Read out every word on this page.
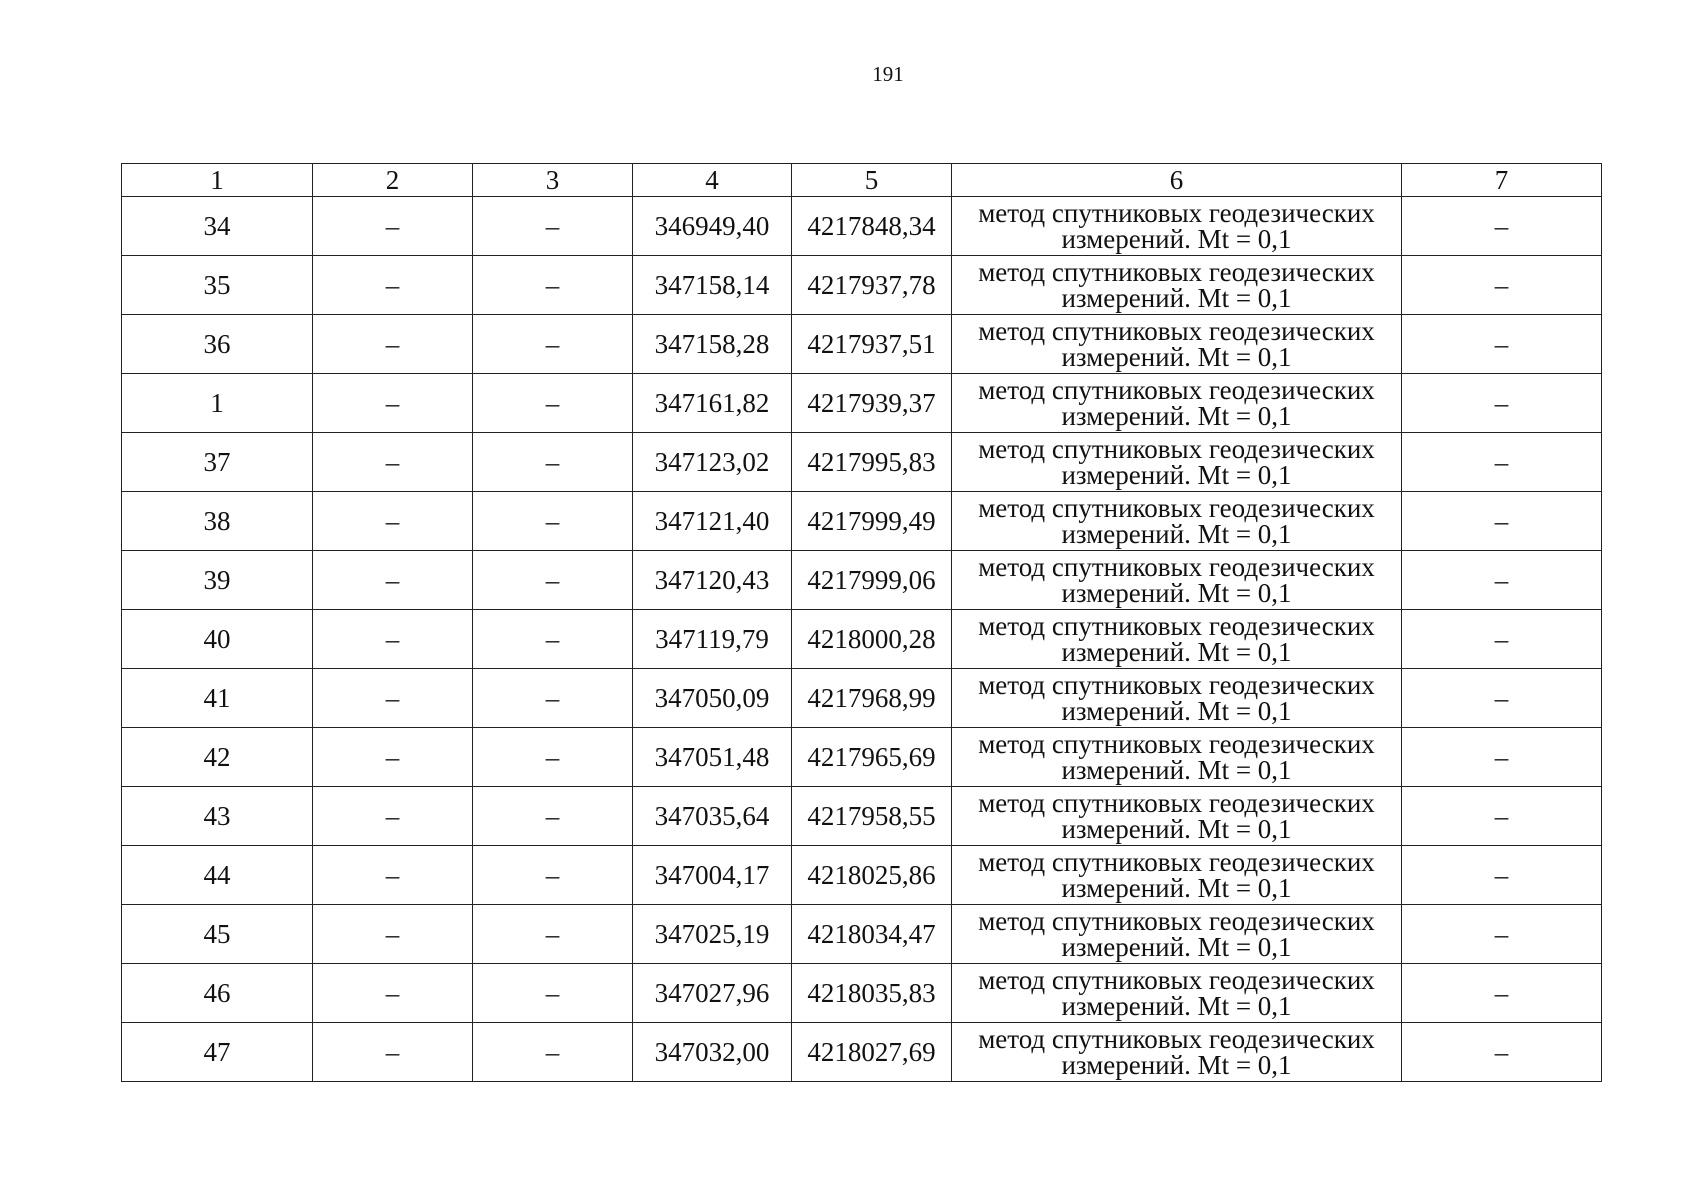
191
1	2	3	4	5	6	7
34	–	–	346949,40	4217848,34	метод спутниковых геодезических
измерений. Mt = 0,1	–
35	–	–	347158,14	4217937,78	метод спутниковых геодезических
измерений. Mt = 0,1	–
36	–	–	347158,28	4217937,51	метод спутниковых геодезических
измерений. Mt = 0,1	–
1	–	–	347161,82	4217939,37	метод спутниковых геодезических
измерений. Mt = 0,1	–
37	–	–	347123,02	4217995,83	метод спутниковых геодезических
измерений. Mt = 0,1	–
38	–	–	347121,40	4217999,49	метод спутниковых геодезических
измерений. Mt = 0,1	–
39	–	–	347120,43	4217999,06	метод спутниковых геодезических
измерений. Mt = 0,1	–
40	–	–	347119,79	4218000,28	метод спутниковых геодезических
измерений. Mt = 0,1	–
41	–	–	347050,09	4217968,99	метод спутниковых геодезических
измерений. Mt = 0,1	–
42	–	–	347051,48	4217965,69	метод спутниковых геодезических
измерений. Mt = 0,1	–
43	–	–	347035,64	4217958,55	метод спутниковых геодезических
измерений. Mt = 0,1	–
44	–	–	347004,17	4218025,86	метод спутниковых геодезических
измерений. Mt = 0,1	–
45	–	–	347025,19	4218034,47	метод спутниковых геодезических
измерений. Mt = 0,1	–
46	–	–	347027,96	4218035,83	метод спутниковых геодезических
измерений. Mt = 0,1	–
47	–	–	347032,00	4218027,69	метод спутниковых геодезических
измерений. Mt = 0,1	–
